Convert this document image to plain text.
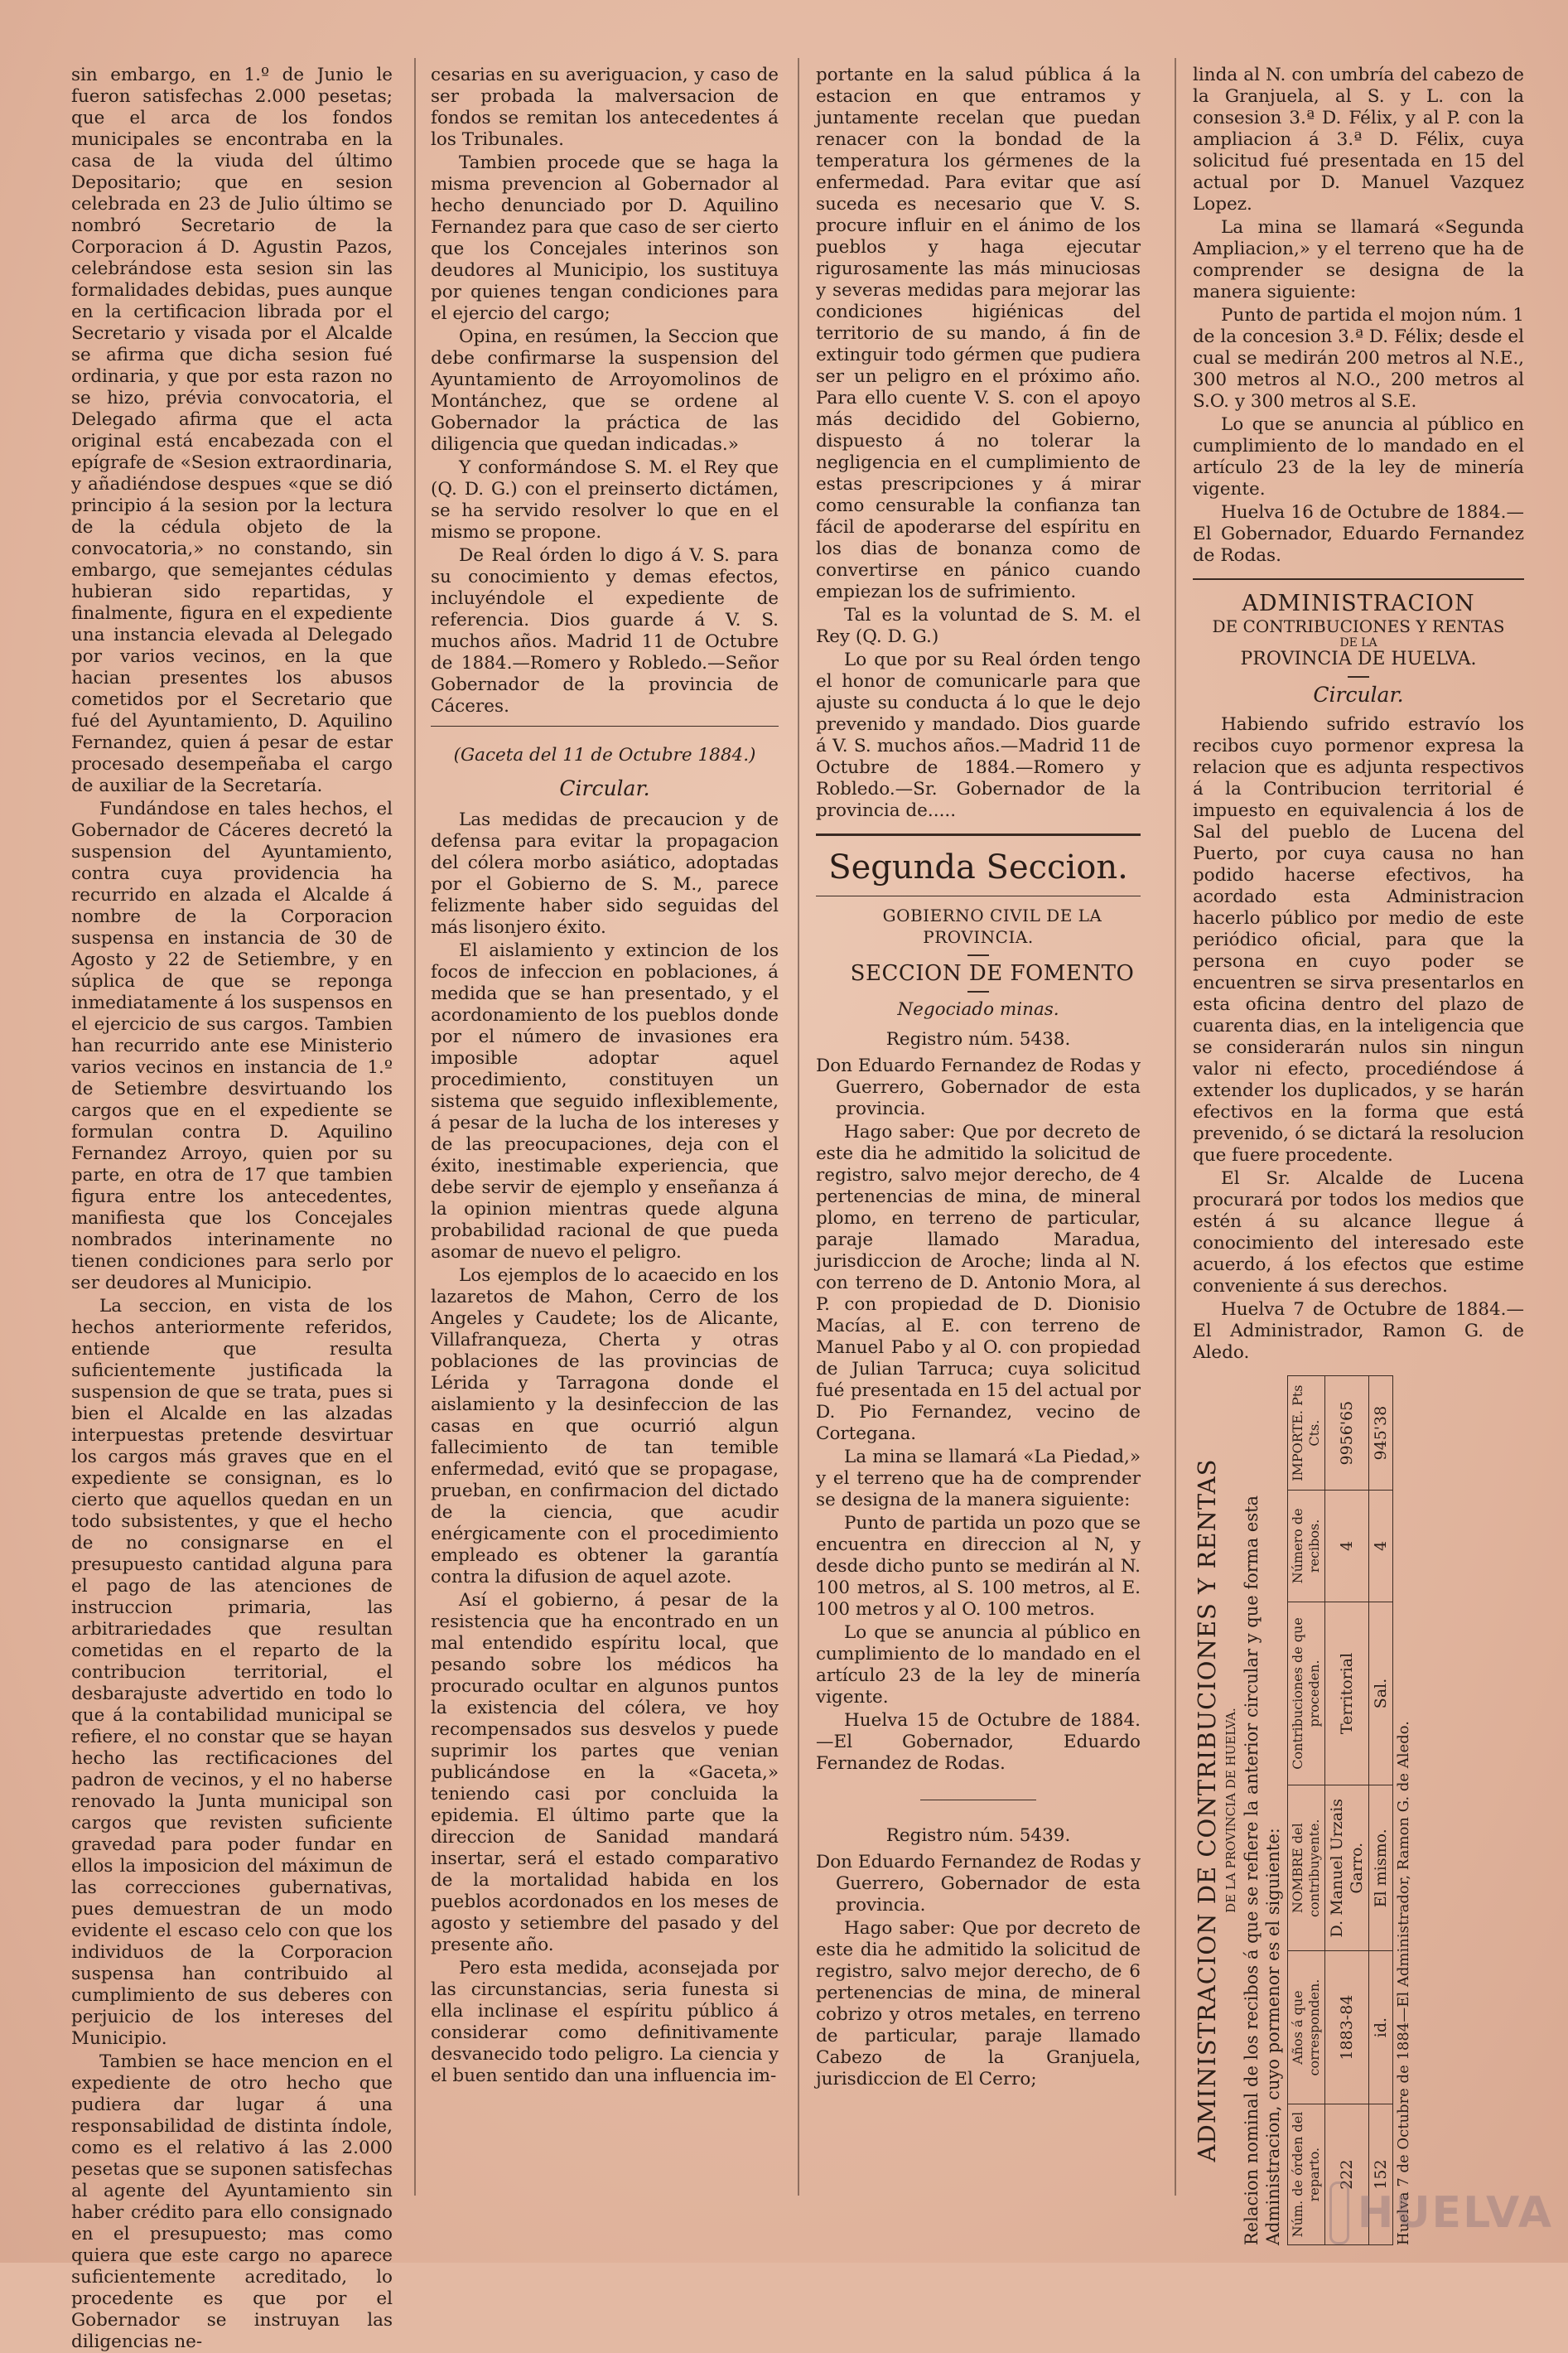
sin embargo, en 1.º de Junio le fueron satisfechas 2.000 pesetas; que el arca de los fondos municipales se encontraba en la casa de la viuda del último Depositario; que en sesion celebrada en 23 de Julio último se nombró Secretario de la Corporacion á D. Agustin Pazos, celebrándose esta sesion sin las formalidades debidas, pues aunque en la certificacion librada por el Secretario y visada por el Alcalde se afirma que dicha sesion fué ordinaria, y que por esta razon no se hizo, prévia convocatoria, el Delegado afirma que el acta original está encabezada con el epígrafe de «Sesion extraordinaria, y añadiéndose despues «que se dió principio á la sesion por la lectura de la cédula objeto de la convocatoria,» no constando, sin embargo, que semejantes cédulas hubieran sido repartidas, y finalmente, figura en el expediente una instancia elevada al Delegado por varios vecinos, en la que hacian presentes los abusos cometidos por el Secretario que fué del Ayuntamiento, D. Aquilino Fernandez, quien á pesar de estar procesado desempeñaba el cargo de auxiliar de la Secretaría.

Fundándose en tales hechos, el Gobernador de Cáceres decretó la suspension del Ayuntamiento, contra cuya providencia ha recurrido en alzada el Alcalde á nombre de la Corporacion suspensa en instancia de 30 de Agosto y 22 de Setiembre, y en súplica de que se reponga inmediatamente á los suspensos en el ejercicio de sus cargos. Tambien han recurrido ante ese Ministerio varios vecinos en instancia de 1.º de Setiembre desvirtuando los cargos que en el expediente se formulan contra D. Aquilino Fernandez Arroyo, quien por su parte, en otra de 17 que tambien figura entre los antecedentes, manifiesta que los Concejales nombrados interinamente no tienen condiciones para serlo por ser deudores al Municipio.

La seccion, en vista de los hechos anteriormente referidos, entiende que resulta suficientemente justificada la suspension de que se trata, pues si bien el Alcalde en las alzadas interpuestas pretende desvirtuar los cargos más graves que en el expediente se consignan, es lo cierto que aquellos quedan en un todo subsistentes, y que el hecho de no consignarse en el presupuesto cantidad alguna para el pago de las atenciones de instruccion primaria, las arbitrariedades que resultan cometidas en el reparto de la contribucion territorial, el desbarajuste advertido en todo lo que á la contabilidad municipal se refiere, el no constar que se hayan hecho las rectificaciones del padron de vecinos, y el no haberse renovado la Junta municipal son cargos que revisten suficiente gravedad para poder fundar en ellos la imposicion del máximun de las correcciones gubernativas, pues demuestran de un modo evidente el escaso celo con que los individuos de la Corporacion suspensa han contribuido al cumplimiento de sus deberes con perjuicio de los intereses del Municipio.

Tambien se hace mencion en el expediente de otro hecho que pudiera dar lugar á una responsabilidad de distinta índole, como es el relativo á las 2.000 pesetas que se suponen satisfechas al agente del Ayuntamiento sin haber crédito para ello consignado en el presupuesto; mas como quiera que este cargo no aparece suficientemente acreditado, lo procedente es que por el Gobernador se instruyan las diligencias ne-

cesarias en su averiguacion, y caso de ser probada la malversacion de fondos se remitan los antecedentes á los Tribunales.

Tambien procede que se haga la misma prevencion al Gobernador al hecho denunciado por D. Aquilino Fernandez para que caso de ser cierto que los Concejales interinos son deudores al Municipio, los sustituya por quienes tengan condiciones para el ejercio del cargo;

Opina, en resúmen, la Seccion que debe confirmarse la suspension del Ayuntamiento de Arroyomolinos de Montánchez, que se ordene al Gobernador la práctica de las diligencia que quedan indicadas.»

Y conformándose S. M. el Rey que (Q. D. G.) con el preinserto dictámen, se ha servido resolver lo que en el mismo se propone.

De Real órden lo digo á V. S. para su conocimiento y demas efectos, incluyéndole el expediente de referencia. Dios guarde á V. S. muchos años. Madrid 11 de Octubre de 1884.—Romero y Robledo.—Señor Gobernador de la provincia de Cáceres.

(Gaceta del 11 de Octubre 1884.)

Circular.

Las medidas de precaucion y de defensa para evitar la propagacion del cólera morbo asiático, adoptadas por el Gobierno de S. M., parece felizmente haber sido seguidas del más lisonjero éxito.

El aislamiento y extincion de los focos de infeccion en poblaciones, á medida que se han presentado, y el acordonamiento de los pueblos donde por el número de invasiones era imposible adoptar aquel procedimiento, constituyen un sistema que seguido inflexiblemente, á pesar de la lucha de los intereses y de las preocupaciones, deja con el éxito, inestimable experiencia, que debe servir de ejemplo y enseñanza á la opinion mientras quede alguna probabilidad racional de que pueda asomar de nuevo el peligro.

Los ejemplos de lo acaecido en los lazaretos de Mahon, Cerro de los Angeles y Caudete; los de Alicante, Villafranqueza, Cherta y otras poblaciones de las provincias de Lérida y Tarragona donde el aislamiento y la desinfeccion de las casas en que ocurrió algun fallecimiento de tan temible enfermedad, evitó que se propagase, prueban, en confirmacion del dictado de la ciencia, que acudir enérgicamente con el procedimiento empleado es obtener la garantía contra la difusion de aquel azote.

Así el gobierno, á pesar de la resistencia que ha encontrado en un mal entendido espíritu local, que pesando sobre los médicos ha procurado ocultar en algunos puntos la existencia del cólera, ve hoy recompensados sus desvelos y puede suprimir los partes que venian publicándose en la «Gaceta,» teniendo casi por concluida la epidemia. El último parte que la direccion de Sanidad mandará insertar, será el estado comparativo de la mortalidad habida en los pueblos acordonados en los meses de agosto y setiembre del pasado y del presente año.

Pero esta medida, aconsejada por las circunstancias, seria funesta si ella inclinase el espíritu público á considerar como definitivamente desvanecido todo peligro. La ciencia y el buen sentido dan una influencia im-

portante en la salud pública á la estacion en que entramos y juntamente recelan que puedan renacer con la bondad de la temperatura los gérmenes de la enfermedad. Para evitar que así suceda es necesario que V. S. procure influir en el ánimo de los pueblos y haga ejecutar rigurosamente las más minuciosas y severas medidas para mejorar las condiciones higiénicas del territorio de su mando, á fin de extinguir todo gérmen que pudiera ser un peligro en el próximo año. Para ello cuente V. S. con el apoyo más decidido del Gobierno, dispuesto á no tolerar la negligencia en el cumplimiento de estas prescripciones y á mirar como censurable la confianza tan fácil de apoderarse del espíritu en los dias de bonanza como de convertirse en pánico cuando empiezan los de sufrimiento.

Tal es la voluntad de S. M. el Rey (Q. D. G.)

Lo que por su Real órden tengo el honor de comunicarle para que ajuste su conducta á lo que le dejo prevenido y mandado. Dios guarde á V. S. muchos años.—Madrid 11 de Octubre de 1884.—Romero y Robledo.—Sr. Gobernador de la provincia de.....

Segunda Seccion.

GOBIERNO CIVIL DE LA PROVINCIA.

SECCION DE FOMENTO

Negociado minas.

Registro núm. 5438.

Don Eduardo Fernandez de Rodas y Guerrero, Gobernador de esta provincia.

Hago saber: Que por decreto de este dia he admitido la solicitud de registro, salvo mejor derecho, de 4 pertenencias de mina, de mineral plomo, en terreno de particular, paraje llamado Maradua, jurisdiccion de Aroche; linda al N. con terreno de D. Antonio Mora, al P. con propiedad de D. Dionisio Macías, al E. con terreno de Manuel Pabo y al O. con propiedad de Julian Tarruca; cuya solicitud fué presentada en 15 del actual por D. Pio Fernandez, vecino de Cortegana.

La mina se llamará «La Piedad,» y el terreno que ha de comprender se designa de la manera siguiente:

Punto de partida un pozo que se encuentra en direccion al N, y desde dicho punto se medirán al N. 100 metros, al S. 100 metros, al E. 100 metros y al O. 100 metros.

Lo que se anuncia al público en cumplimiento de lo mandado en el artículo 23 de la ley de minería vigente.

Huelva 15 de Octubre de 1884.—El Gobernador, Eduardo Fernandez de Rodas.

Registro núm. 5439.

Don Eduardo Fernandez de Rodas y Guerrero, Gobernador de esta provincia.

Hago saber: Que por decreto de este dia he admitido la solicitud de registro, salvo mejor derecho, de 6 pertenencias de mina, de mineral cobrizo y otros metales, en terreno de particular, paraje llamado Cabezo de la Granjuela, jurisdiccion de El Cerro;

linda al N. con umbría del cabezo de la Granjuela, al S. y L. con la consesion 3.ª D. Félix, y al P. con la ampliacion á 3.ª D. Félix, cuya solicitud fué presentada en 15 del actual por D. Manuel Vazquez Lopez.

La mina se llamará «Segunda Ampliacion,» y el terreno que ha de comprender se designa de la manera siguiente:

Punto de partida el mojon núm. 1 de la concesion 3.ª D. Félix; desde el cual se medirán 200 metros al N.E., 300 metros al N.O., 200 metros al S.O. y 300 metros al S.E.

Lo que se anuncia al público en cumplimiento de lo mandado en el artículo 23 de la ley de minería vigente.

Huelva 16 de Octubre de 1884.—El Gobernador, Eduardo Fernandez de Rodas.

ADMINISTRACION
DE CONTRIBUCIONES Y RENTAS
DE LA
PROVINCIA DE HUELVA.

Circular.

Habiendo sufrido estravío los recibos cuyo pormenor expresa la relacion que es adjunta respectivos á la Contribucion territorial é impuesto en equivalencia á los de Sal del pueblo de Lucena del Puerto, por cuya causa no han podido hacerse efectivos, ha acordado esta Administracion hacerlo público por medio de este periódico oficial, para que la persona en cuyo poder se encuentren se sirva presentarlos en esta oficina dentro del plazo de cuarenta dias, en la inteligencia que se considerarán nulos sin ningun valor ni efecto, procediéndose á extender los duplicados, y se harán efectivos en la forma que está prevenido, ó se dictará la resolucion que fuere procedente.

El Sr. Alcalde de Lucena procurará por todos los medios que estén á su alcance llegue á conocimiento del interesado este acuerdo, á los efectos que estime conveniente á sus derechos.

Huelva 7 de Octubre de 1884.—El Administrador, Ramon G. de Aledo.

ADMINISTRACION DE CONTRIBUCIONES Y RENTAS DE LA PROVINCIA DE HUELVA. Relacion nominal de los recibos á que se refiere la anterior circular y que forma esta Administracion, cuyo pormenor es el siguiente: Núm. de órden del reparto.	Años á que corresponden.	NOMBRE del contribuyente.	Contribuciones de que proceden.	Número de recibos.	IMPORTE. Pts Cts.
222	1883-84	D. Manuel Urzais Garro.	Territorial	4	9956'65
152	id.	El mismo.	Sal.	4	945'38
Huelva 7 de Octubre de 1884—El Administrador, Ramon G. de Aledo.
HUELVA
